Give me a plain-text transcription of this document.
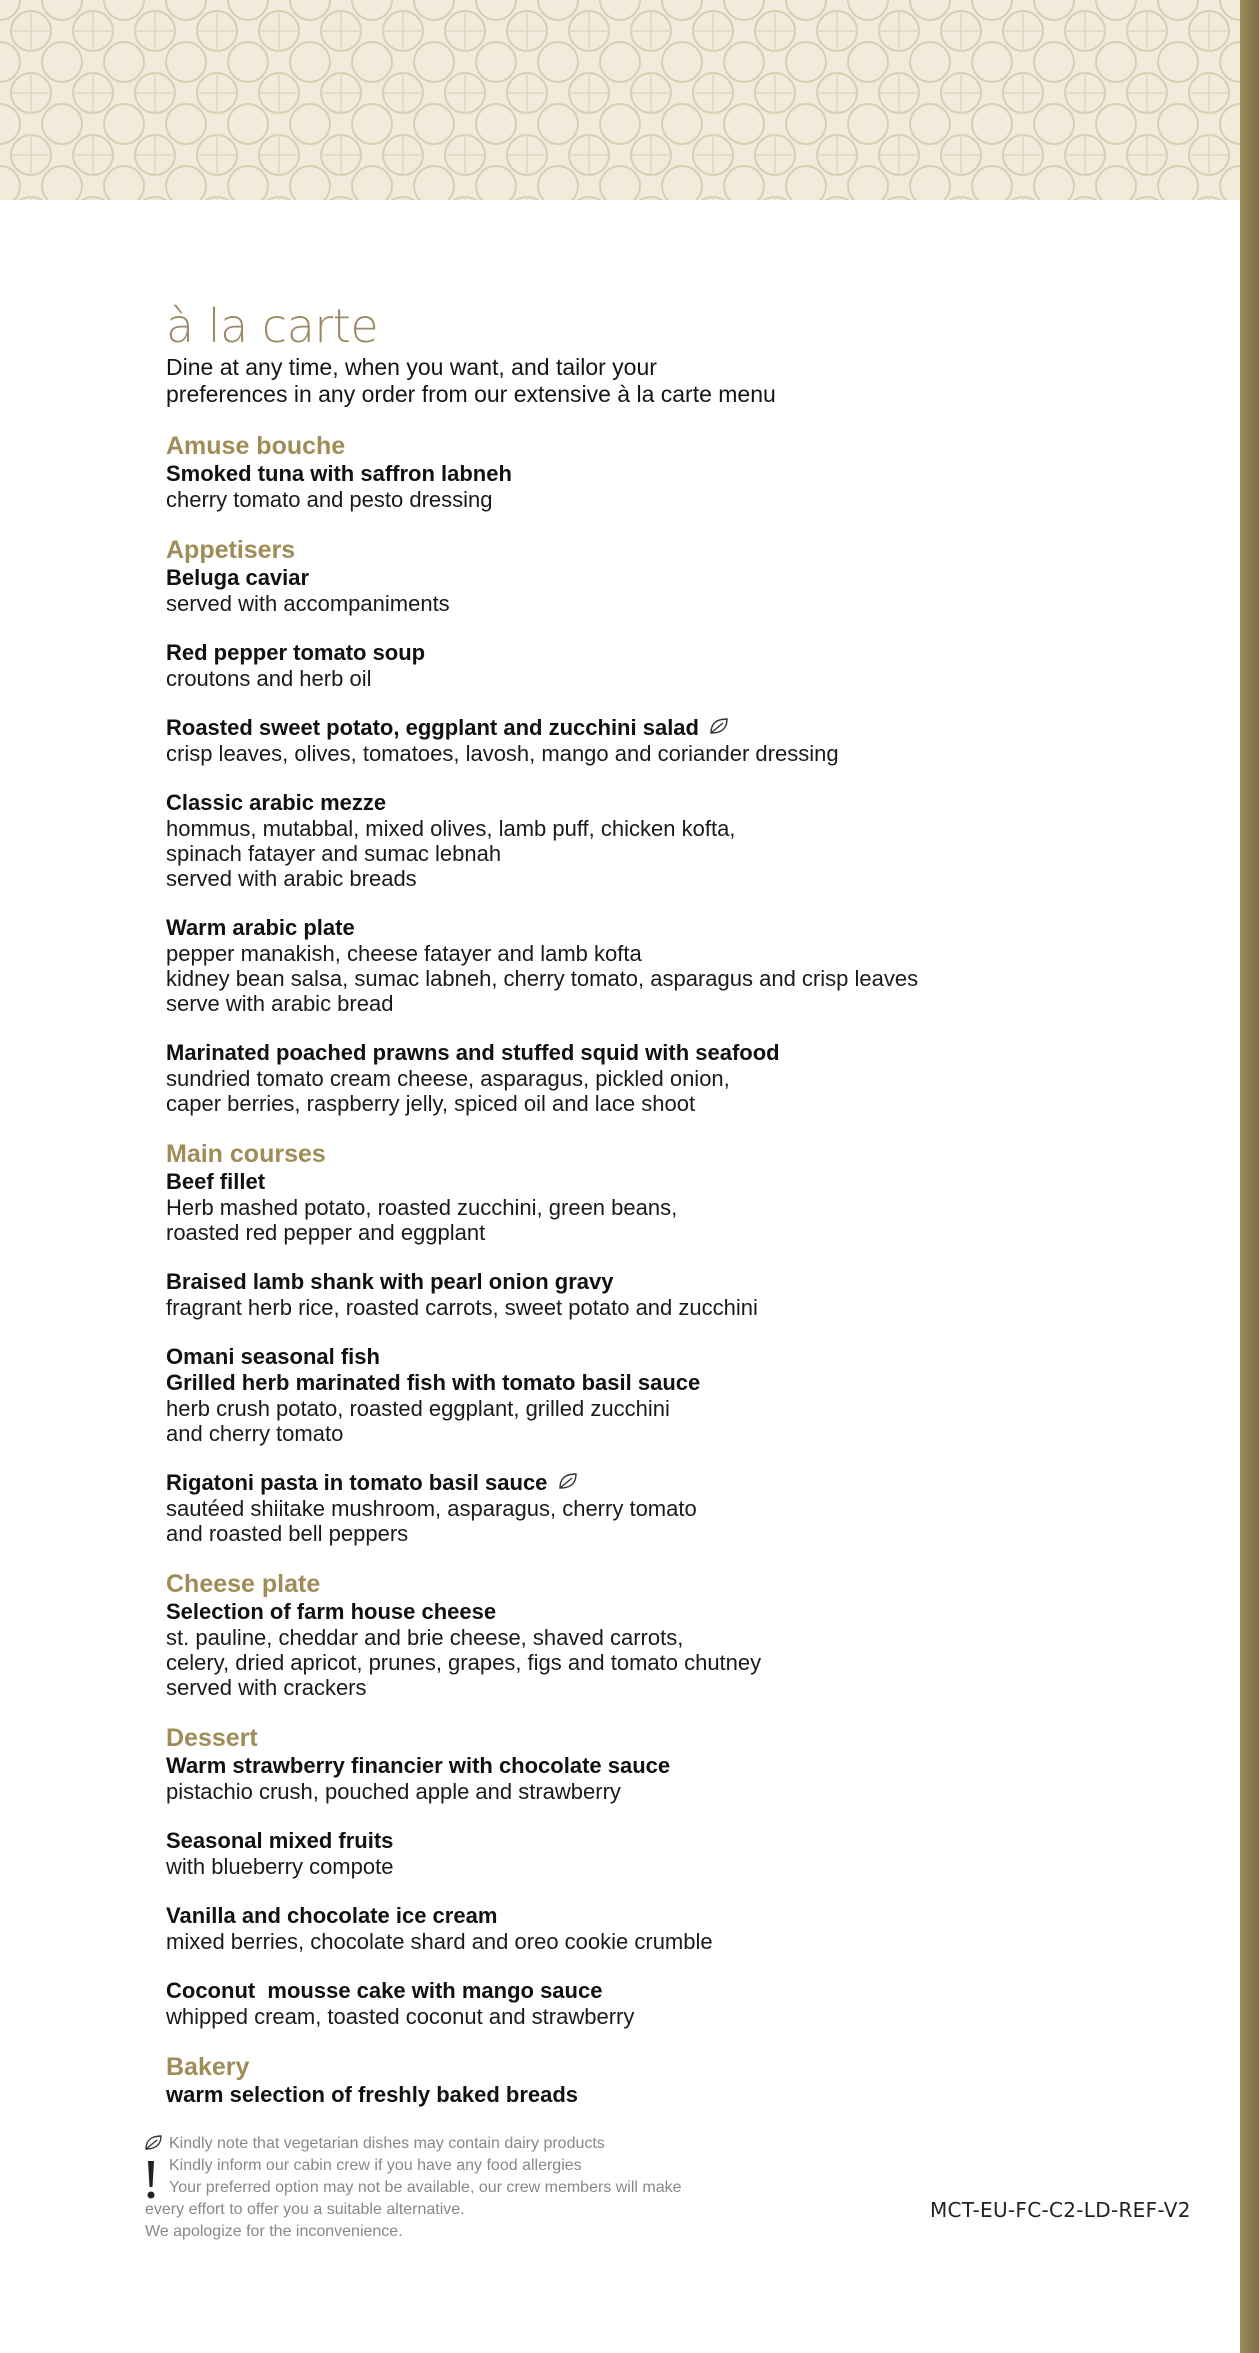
à la carte
Dine at any time, when you want, and tailor your
preferences in any order from our extensive à la carte menu
Amuse bouche
Smoked tuna with saffron labneh
cherry tomato and pesto dressing
Appetisers
Beluga caviar
served with accompaniments
Red pepper tomato soup
croutons and herb oil
Roasted sweet potato, eggplant and zucchini salad
crisp leaves, olives, tomatoes, lavosh, mango and coriander dressing
Classic arabic mezze
hommus, mutabbal, mixed olives, lamb puff, chicken kofta,
spinach fatayer and sumac lebnah
served with arabic breads
Warm arabic plate
pepper manakish, cheese fatayer and lamb kofta
kidney bean salsa, sumac labneh, cherry tomato, asparagus and crisp leaves
serve with arabic bread
Marinated poached prawns and stuffed squid with seafood
sundried tomato cream cheese, asparagus, pickled onion,
caper berries, raspberry jelly, spiced oil and lace shoot
Main courses
Beef fillet
Herb mashed potato, roasted zucchini, green beans,
roasted red pepper and eggplant
Braised lamb shank with pearl onion gravy
fragrant herb rice, roasted carrots, sweet potato and zucchini
Omani seasonal fish
Grilled herb marinated fish with tomato basil sauce
herb crush potato, roasted eggplant, grilled zucchini
and cherry tomato
Rigatoni pasta in tomato basil sauce
sautéed shiitake mushroom, asparagus, cherry tomato
and roasted bell peppers
Cheese plate
Selection of farm house cheese
st. pauline, cheddar and brie cheese, shaved carrots,
celery, dried apricot, prunes, grapes, figs and tomato chutney
served with crackers
Dessert
Warm strawberry financier with chocolate sauce
pistachio crush, pouched apple and strawberry
Seasonal mixed fruits
with blueberry compote
Vanilla and chocolate ice cream
mixed berries, chocolate shard and oreo cookie crumble
Coconut  mousse cake with mango sauce
whipped cream, toasted coconut and strawberry
Bakery
warm selection of freshly baked breads
Kindly note that vegetarian dishes may contain dairy products
Kindly inform our cabin crew if you have any food allergies
Your preferred option may not be available, our crew members will make
every effort to offer you a suitable alternative.
We apologize for the inconvenience.
MCT-EU-FC-C2-LD-REF-V2
